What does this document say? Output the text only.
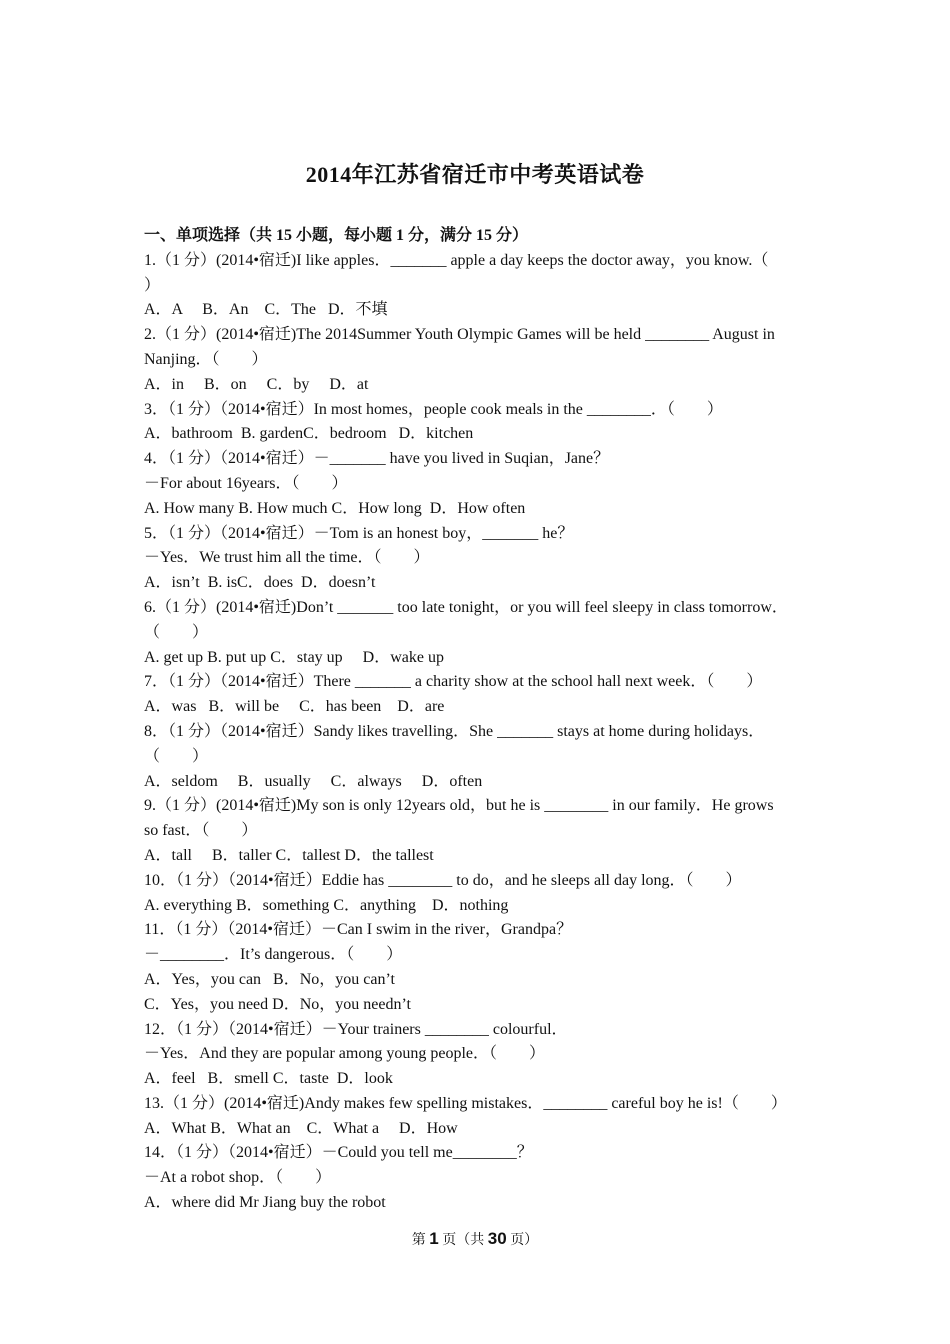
2014年江苏省宿迁市中考英语试卷
一、单项选择（共 15 小题，每小题 1 分，满分 15 分）
1.（1 分）(2014•宿迁)I like apples．_______ apple a day keeps the doctor away，you know.（
）
A．A     B．An    C．The   D．不填
2.（1 分）(2014•宿迁)The 2014Summer Youth Olympic Games will be held ________ August in
Nanjing．（        ）
A．in     B．on     C．by     D．at
3．（1 分）（2014•宿迁）In most homes，people cook meals in the ________．（        ）
A．bathroom  B. gardenC．bedroom   D．kitchen
4．（1 分）（2014•宿迁）－_______ have you lived in Suqian，Jane？
－For about 16years．（        ）
A. How many B. How much C．How long  D．How often
5．（1 分）（2014•宿迁）－Tom is an honest boy，_______ he？
－Yes．We trust him all the time．（        ）
A．isn’t  B. isC．does  D．doesn’t
6.（1 分）(2014•宿迁)Don’t _______ too late tonight，or you will feel sleepy in class tomorrow．
（        ）
A. get up B. put up C．stay up     D．wake up
7．（1 分）（2014•宿迁）There _______ a charity show at the school hall next week．（        ）
A．was   B．will be     C．has been    D．are
8．（1 分）（2014•宿迁）Sandy likes travelling．She _______ stays at home during holidays．
（        ）
A．seldom     B．usually     C．always     D．often
9.（1 分）(2014•宿迁)My son is only 12years old，but he is ________ in our family．He grows
so fast．（        ）
A．tall     B．taller C．tallest D．the tallest
10．（1 分）（2014•宿迁）Eddie has ________ to do，and he sleeps all day long．（        ）
A. everything B．something C．anything    D．nothing
11．（1 分）（2014•宿迁）－Can I swim in the river，Grandpa？
－________．It’s dangerous．（        ）
A．Yes，you can   B．No，you can’t
C．Yes，you need D．No，you needn’t
12．（1 分）（2014•宿迁）－Your trainers ________ colourful．
－Yes．And they are popular among young people．（        ）
A．feel   B．smell C．taste  D．look
13.（1 分）(2014•宿迁)Andy makes few spelling mistakes．________ careful boy he is!（        ）
A．What B．What an    C．What a     D．How
14．（1 分）（2014•宿迁）－Could you tell me________？
－At a robot shop．（        ）
A．where did Mr Jiang buy the robot
第 1 页（共 30 页）
